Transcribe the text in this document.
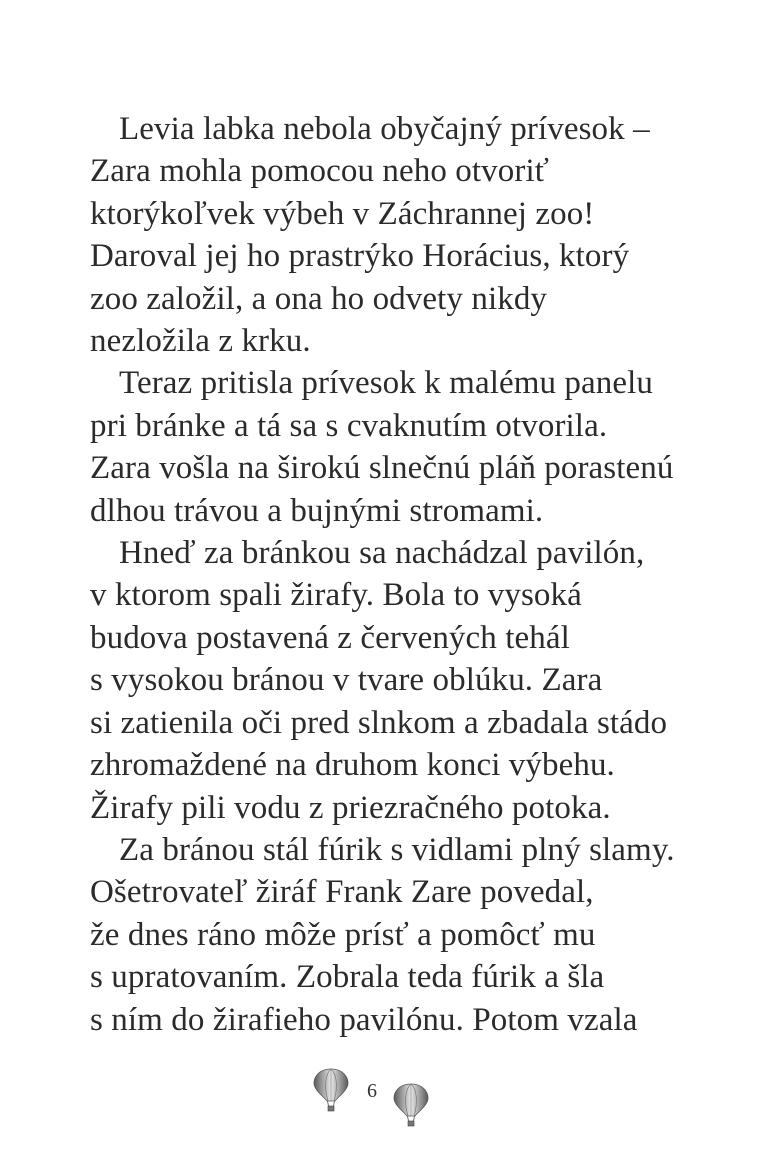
Levia labka nebola obyčajný prívesok –
Zara mohla pomocou neho otvoriť
ktorýkoľvek výbeh v Záchrannej zoo!
Daroval jej ho prastrýko Horácius, ktorý
zoo založil, a ona ho odvety nikdy
nezložila z krku.
Teraz pritisla prívesok k malému panelu
pri bránke a tá sa s cvaknutím otvorila.
Zara vošla na širokú slnečnú pláň porastenú
dlhou trávou a bujnými stromami.
Hneď za bránkou sa nachádzal pavilón,
v ktorom spali žirafy. Bola to vysoká
budova postavená z červených tehál
s vysokou bránou v tvare oblúku. Zara
si zatienila oči pred slnkom a zbadala stádo
zhromaždené na druhom konci výbehu.
Žirafy pili vodu z priezračného potoka.
Za bránou stál fúrik s vidlami plný slamy.
Ošetrovateľ žiráf Frank Zare povedal,
že dnes ráno môže prísť a pomôcť mu
s upratovaním. Zobrala teda fúrik a šla
s ním do žirafieho pavilónu. Potom vzala
6
